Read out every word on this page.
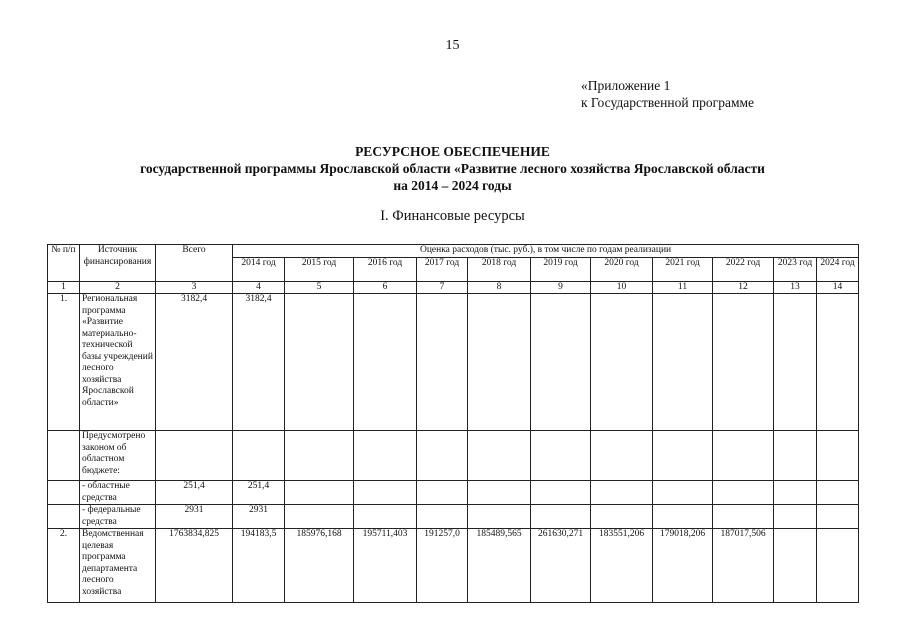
15
«Приложение 1
к Государственной программе
РЕСУРСНОЕ ОБЕСПЕЧЕНИЕ
государственной программы Ярославской области «Развитие лесного хозяйства Ярославской области
на 2014 – 2024 годы
I. Финансовые ресурсы
№ п/п	Источник финансирования	Всего	Оценка расходов (тыс. руб.), в том числе по годам реализации										
			2014 год	2015 год	2016 год	2017 год	2018 год	2019 год	2020 год	2021 год	2022 год	2023 год	2024 год
1	2	3	4	5	6	7	8	9	10	11	12	13	14
1.	Региональная программа «Развитие материально-технической базы учреждений лесного хозяйства Ярославской области»	3182,4	3182,4										
	Предусмотрено законом об областном бюджете:												
	- областные средства	251,4	251,4										
	- федеральные средства	2931	2931										
2.	Ведомственная целевая программа департамента лесного хозяйства	1763834,825	194183,5	185976,168	195711,403	191257,0	185489,565	261630,271	183551,206	179018,206	187017,506		
